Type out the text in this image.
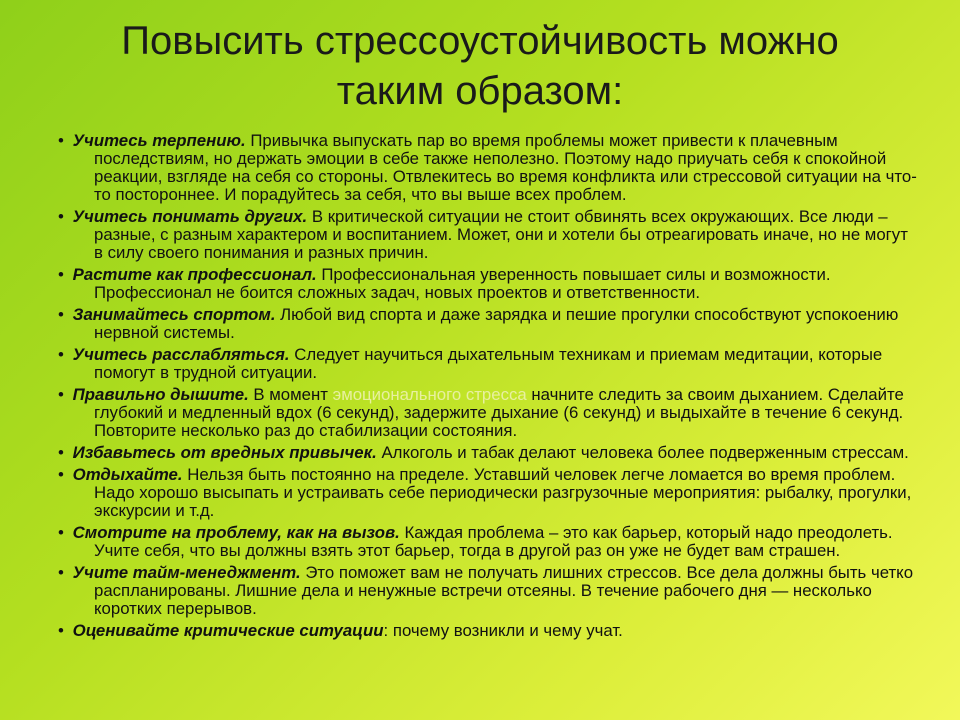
Повысить стрессоустойчивость можно
таким образом:
• Учитесь терпению. Привычка выпускать пар во время проблемы может привести к плачевным последствиям, но держать эмоции в себе также неполезно. Поэтому надо приучать себя к спокойной реакции, взгляде на себя со стороны. Отвлекитесь во время конфликта или стрессовой ситуации на что-то постороннее. И порадуйтесь за себя, что вы выше всех проблем.
• Учитесь понимать других. В критической ситуации не стоит обвинять всех окружающих. Все люди – разные, с разным характером и воспитанием. Может, они и хотели бы отреагировать иначе, но не могут в силу своего понимания и разных причин.
• Растите как профессионал. Профессиональная уверенность повышает силы и возможности. Профессионал не боится сложных задач, новых проектов и ответственности.
• Занимайтесь спортом. Любой вид спорта и даже зарядка и пешие прогулки способствуют успокоению нервной системы.
• Учитесь расслабляться. Следует научиться дыхательным техникам и приемам медитации, которые помогут в трудной ситуации.
• Правильно дышите. В момент эмоционального стресса начните следить за своим дыханием. Сделайте глубокий и медленный вдох (6 секунд), задержите дыхание (6 секунд) и выдыхайте в течение 6 секунд. Повторите несколько раз до стабилизации состояния.
• Избавьтесь от вредных привычек. Алкоголь и табак делают человека более подверженным стрессам.
• Отдыхайте. Нельзя быть постоянно на пределе. Уставший человек легче ломается во время проблем. Надо хорошо высыпать и устраивать себе периодически разгрузочные мероприятия: рыбалку, прогулки, экскурсии и т.д.
• Смотрите на проблему, как на вызов. Каждая проблема – это как барьер, который надо преодолеть. Учите себя, что вы должны взять этот барьер, тогда в другой раз он уже не будет вам страшен.
• Учите тайм-менеджмент. Это поможет вам не получать лишних стрессов. Все дела должны быть четко распланированы. Лишние дела и ненужные встречи отсеяны. В течение рабочего дня — несколько коротких перерывов.
• Оценивайте критические ситуации: почему возникли и чему учат.
